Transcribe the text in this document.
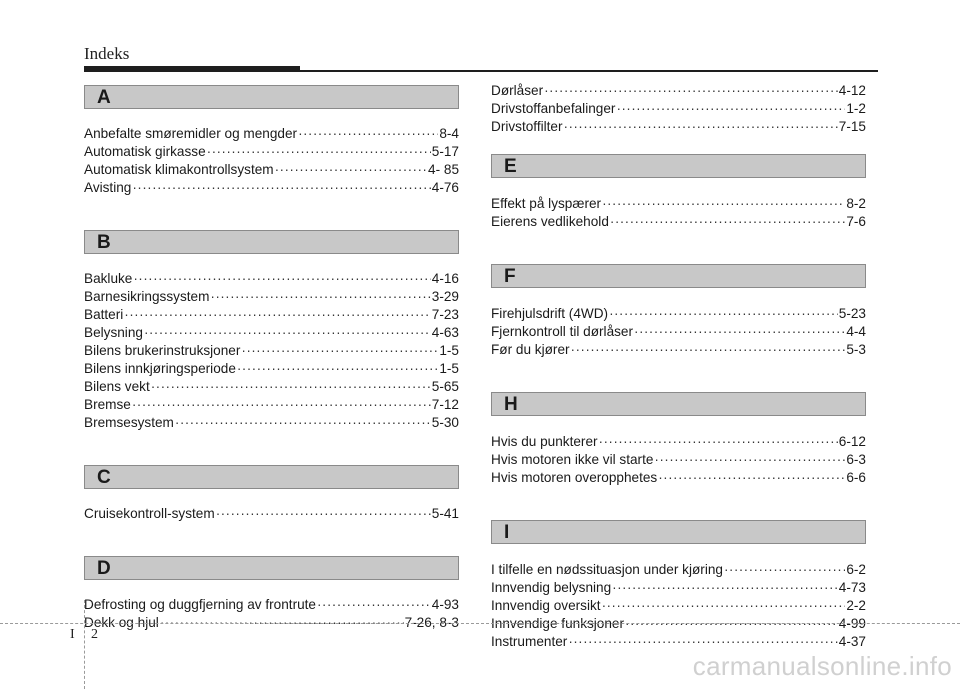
Indeks
A
Anbefalte smøremidler og mengder ·····	8-4
Automatisk girkasse ·····	5-17
Automatisk klimakontrollsystem ·····	4- 85
Avisting ·····	4-76
B
Bakluke ·····	4-16
Barnesikringssystem ·····	3-29
Batteri ·····	7-23
Belysning ·····	4-63
Bilens brukerinstruksjoner ·····	1-5
Bilens innkjøringsperiode ·····	1-5
Bilens vekt ·····	5-65
Bremse ·····	7-12
Bremsesystem ·····	5-30
C
Cruisekontroll-system ·····	5-41
D
Defrosting og duggfjerning av frontrute ·····	4-93
Dekk og hjul ·····	7-26, 8-3
Dørlåser ·····	4-12
Drivstoffanbefalinger ·····	1-2
Drivstoffilter ·····	7-15
E
Effekt på lyspærer ·····	8-2
Eierens vedlikehold ·····	7-6
F
Firehjulsdrift (4WD) ·····	5-23
Fjernkontroll til dørlåser ·····	4-4
Før du kjører ·····	5-3
H
Hvis du punkterer ·····	6-12
Hvis motoren ikke vil starte ·····	6-3
Hvis motoren overopphetes ·····	6-6
I
I tilfelle en nødssituasjon under kjøring ·····	6-2
Innvendig belysning ·····	4-73
Innvendig oversikt ·····	2-2
Innvendige funksjoner ·····	4-99
Instrumenter ·····	4-37
I 2
carmanualsonline.info
